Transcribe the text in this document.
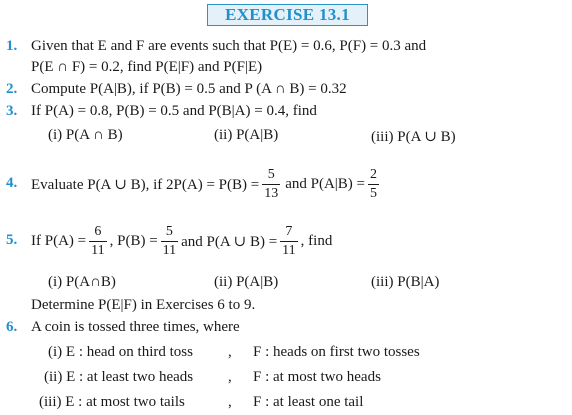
EXERCISE 13.1
1. Given that E and F are events such that P(E) = 0.6, P(F) = 0.3 and
P(E ∩ F) = 0.2, find P(E|F) and P(F|E)
2. Compute P(A|B), if P(B) = 0.5 and P (A ∩ B) = 0.32
3. If P(A) = 0.8, P(B) = 0.5 and P(B|A) = 0.4, find
(i) P(A ∩ B)	(ii) P(A|B)	(iii) P(A ∪ B)
4. Evaluate P(A ∪ B), if $2P(A) = P(B) = \frac{5}{13}$ and $P(A|B) = \frac{2}{5}$
5. If $P(A) = \frac{6}{11}$ , $P(B) = \frac{5}{11}$ and P(A ∪ $B) = \frac{7}{11}$ , find
(i) P(A∩B)	(ii) P(A|B)	(iii) P(B|A)
Determine P(E|F) in Exercises 6 to 9.
6. A coin is tossed three times, where
(i) E : head on third toss , F : heads on first two tosses
(ii) E : at least two heads , F : at most two heads
(iii) E : at most two tails	, F : at least one tail
